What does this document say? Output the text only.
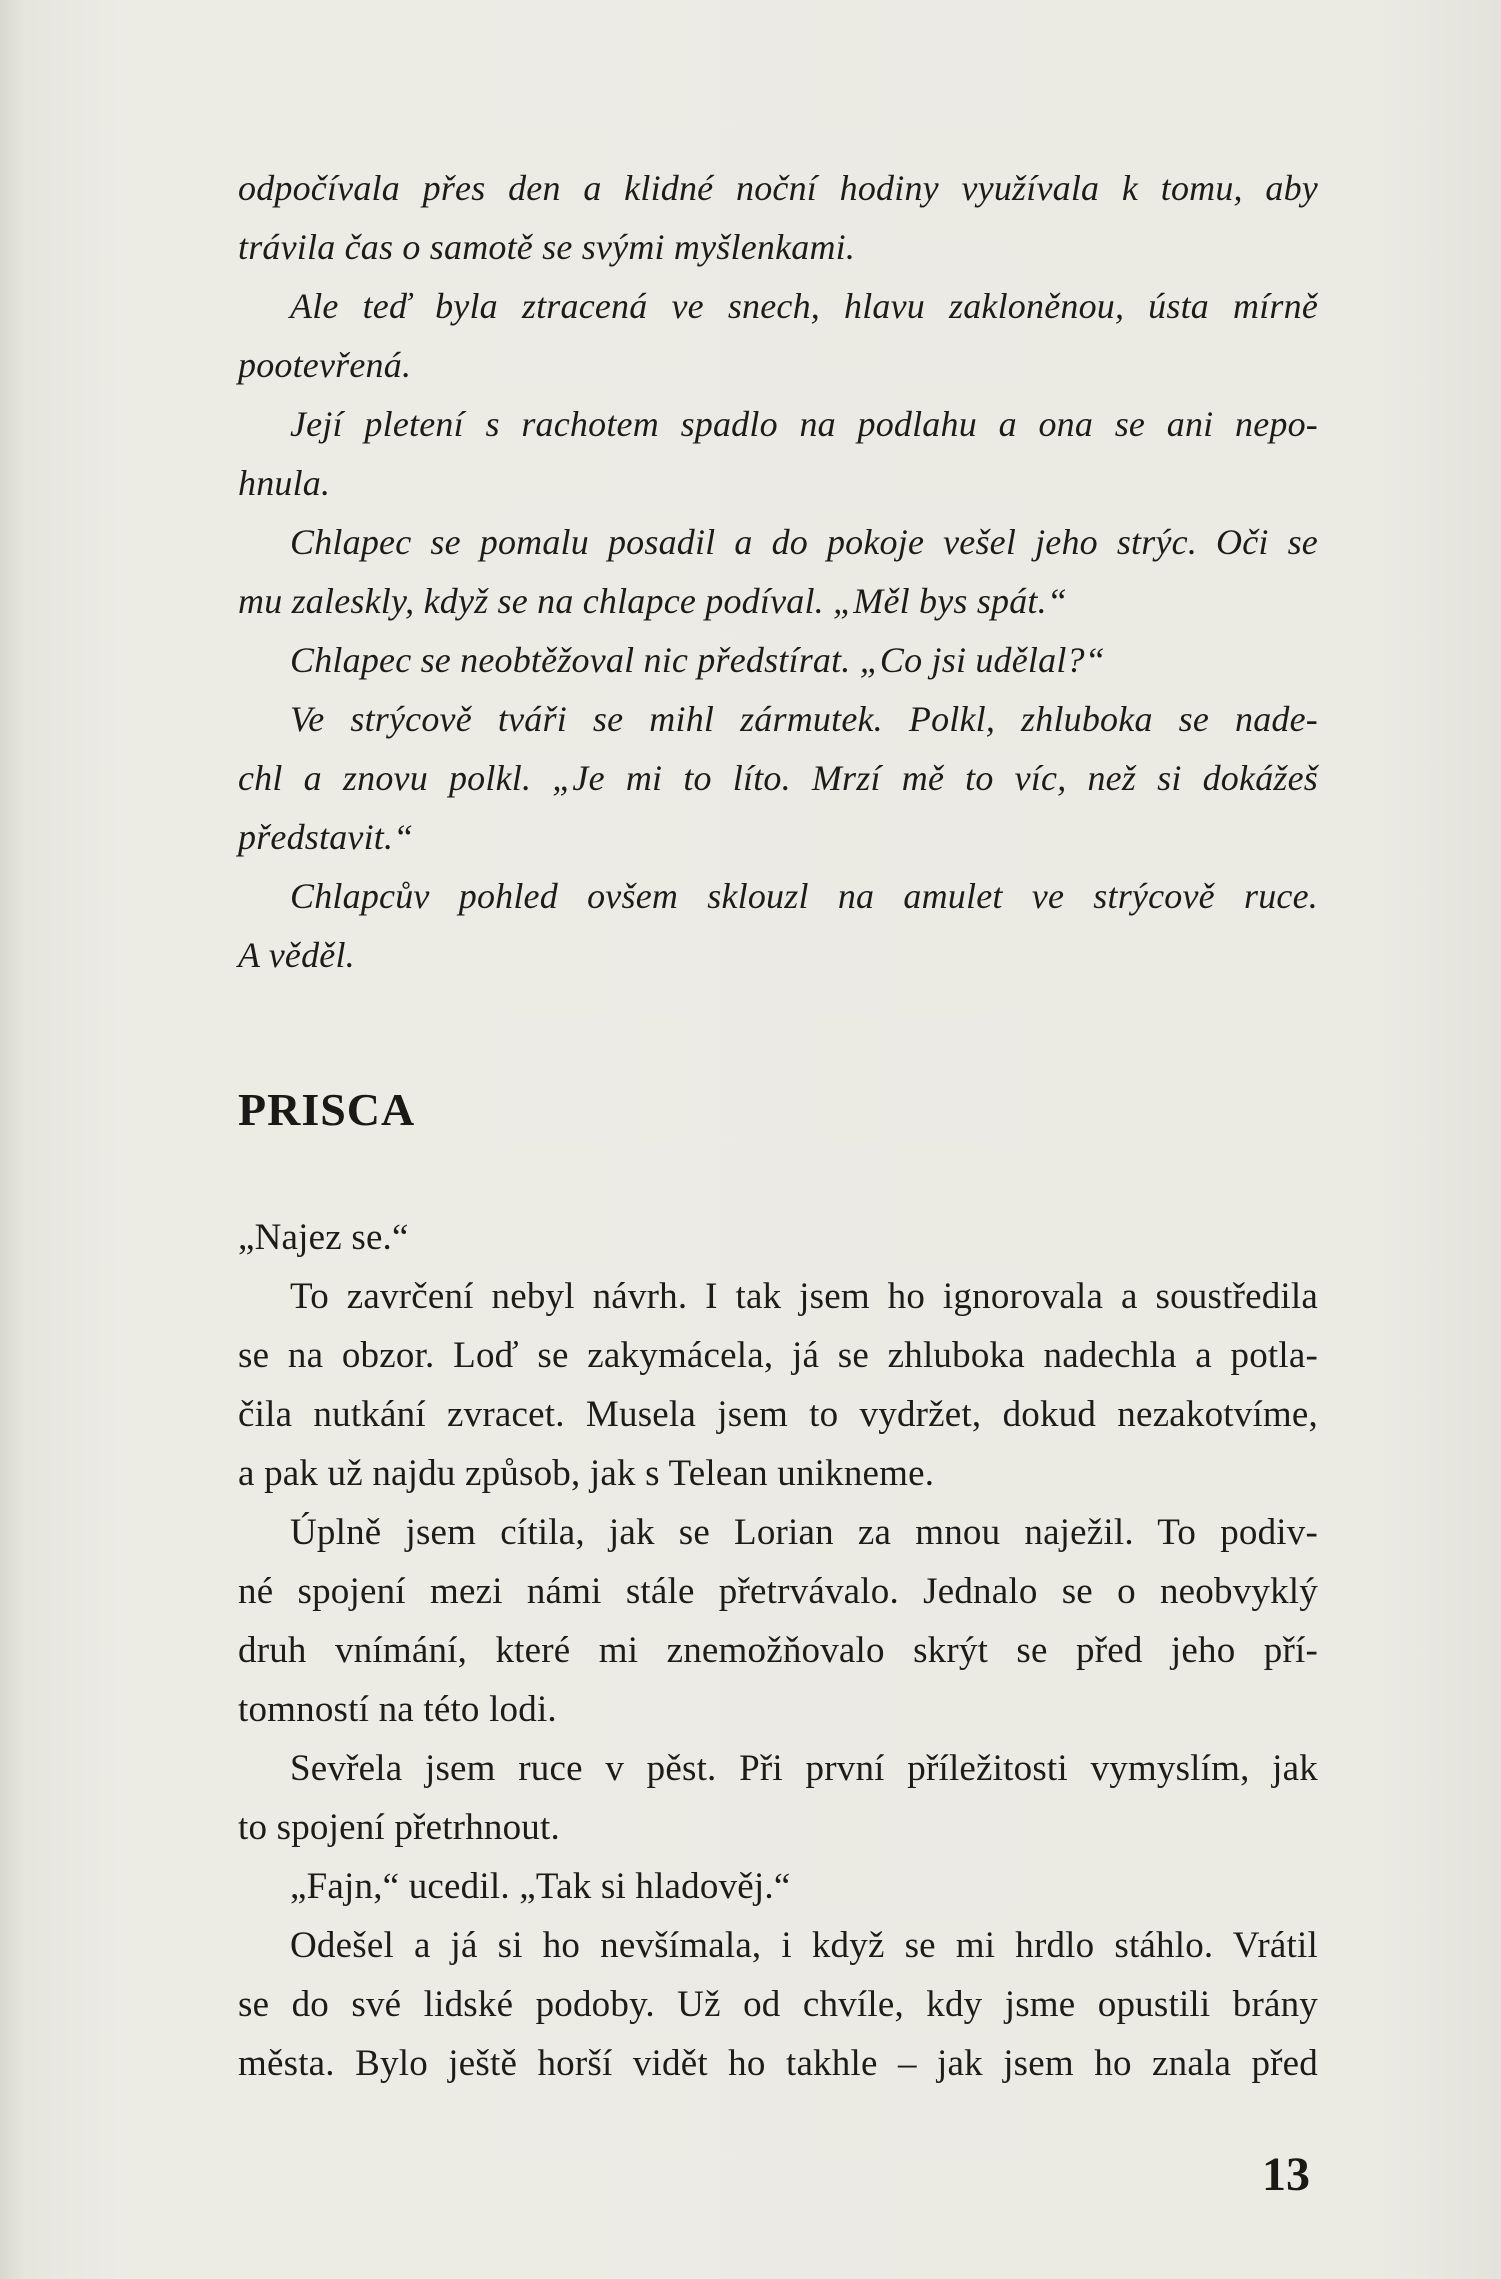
odpočívala přes den a klidné noční hodiny využívala k tomu, aby
trávila čas o samotě se svými myšlenkami.
Ale teď byla ztracená ve snech, hlavu zakloněnou, ústa mírně
pootevřená.
Její pletení s rachotem spadlo na podlahu a ona se ani nepo-
hnula.
Chlapec se pomalu posadil a do pokoje vešel jeho strýc. Oči se
mu zaleskly, když se na chlapce podíval. „Měl bys spát.“
Chlapec se neobtěžoval nic předstírat. „Co jsi udělal?“
Ve strýcově tváři se mihl zármutek. Polkl, zhluboka se nade-
chl a znovu polkl. „Je mi to líto. Mrzí mě to víc, než si dokážeš
představit.“
Chlapcův pohled ovšem sklouzl na amulet ve strýcově ruce.
A věděl.
PRISCA
„Najez se.“
To zavrčení nebyl návrh. I tak jsem ho ignorovala a soustředila
se na obzor. Loď se zakymácela, já se zhluboka nadechla a potla-
čila nutkání zvracet. Musela jsem to vydržet, dokud nezakotvíme,
a pak už najdu způsob, jak s Telean unikneme.
Úplně jsem cítila, jak se Lorian za mnou naježil. To podiv-
né spojení mezi námi stále přetrvávalo. Jednalo se o neobvyklý
druh vnímání, které mi znemožňovalo skrýt se před jeho pří-
tomností na této lodi.
Sevřela jsem ruce v pěst. Při první příležitosti vymyslím, jak
to spojení přetrhnout.
„Fajn,“ ucedil. „Tak si hladověj.“
Odešel a já si ho nevšímala, i když se mi hrdlo stáhlo. Vrátil
se do své lidské podoby. Už od chvíle, kdy jsme opustili brány
města. Bylo ještě horší vidět ho takhle – jak jsem ho znala před
13
